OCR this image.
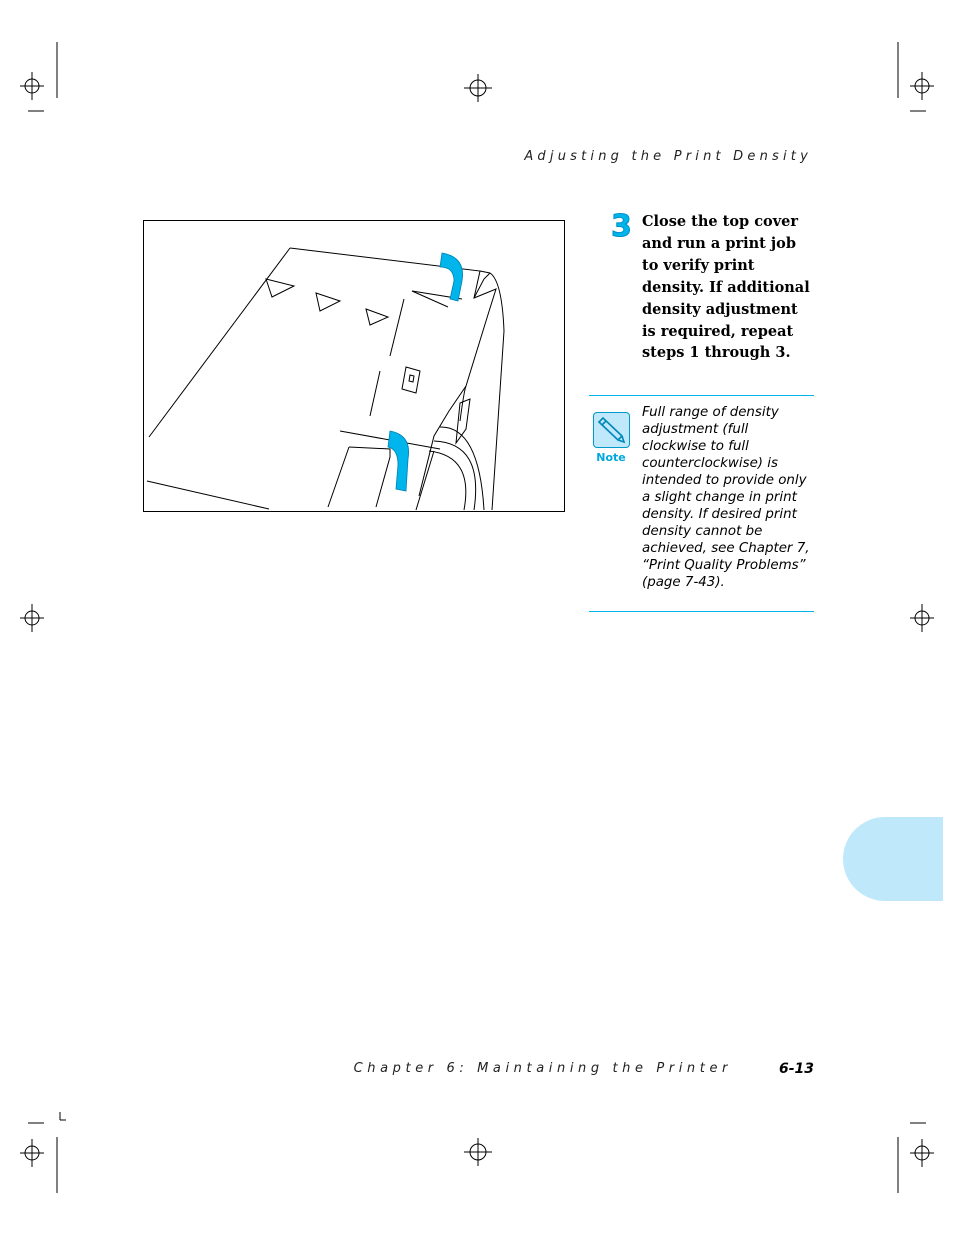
Adjusting the Print Density
3 Close the top cover and run a print job to verify print density. If additional density adjustment is required, repeat steps 1 through 3.
Note
Full range of density adjustment (full clockwise to full counterclockwise) is intended to provide only a slight change in print density. If desired print density cannot be achieved, see Chapter 7, “Print Quality Problems” (page 7-43).
Chapter 6: Maintaining the Printer	6-13
